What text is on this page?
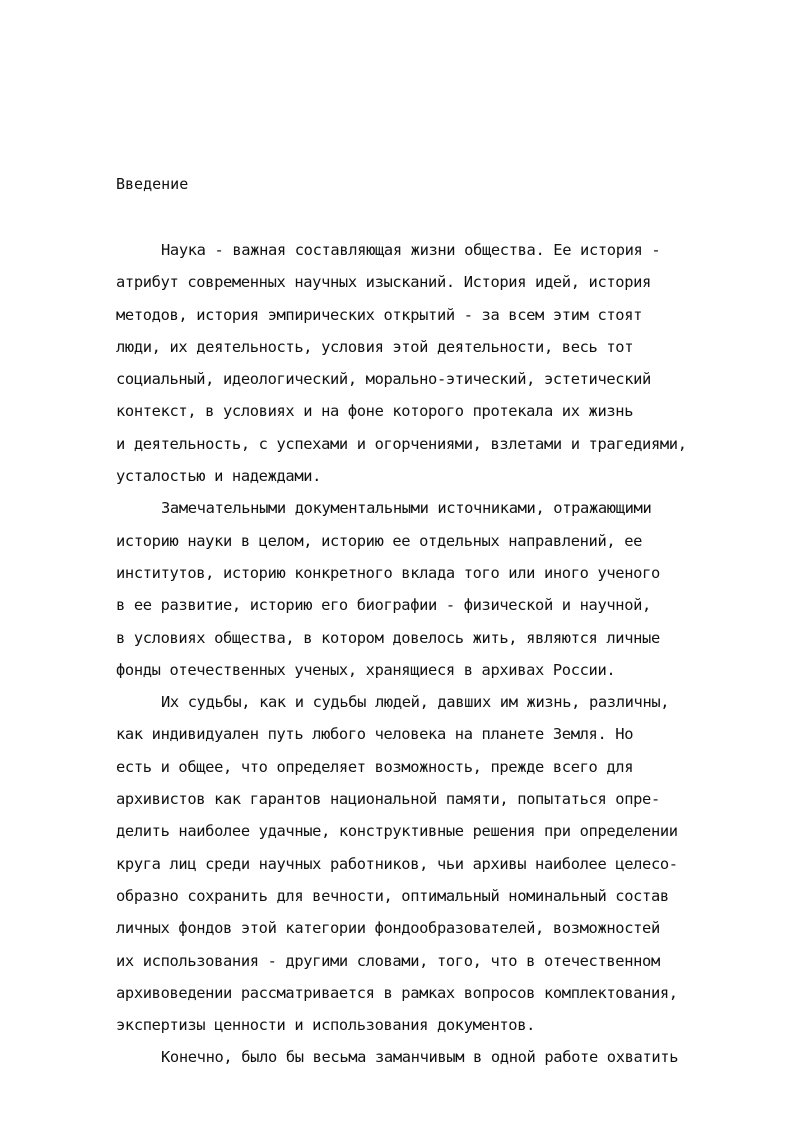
Введение
Наука - важная составляющая жизни общества. Ее история -
атрибут современных научных изысканий. История идей, история
методов, история эмпирических открытий - за всем этим стоят
люди, их деятельность, условия этой деятельности, весь тот
социальный, идеологический, морально-этический, эстетический
контекст, в условиях и на фоне которого протекала их жизнь
и деятельность, с успехами и огорчениями, взлетами и трагедиями,
усталостью и надеждами.
Замечательными документальными источниками, отражающими
историю науки в целом, историю ее отдельных направлений, ее
институтов, историю конкретного вклада того или иного ученого
в ее развитие, историю его биографии - физической и научной,
в условиях общества, в котором довелось жить, являются личные
фонды отечественных ученых, хранящиеся в архивах России.
Их судьбы, как и судьбы людей, давших им жизнь, различны,
как индивидуален путь любого человека на планете Земля. Но
есть и общее, что определяет возможность, прежде всего для
архивистов как гарантов национальной памяти, попытаться опре-
делить наиболее удачные, конструктивные решения при определении
круга лиц среди научных работников, чьи архивы наиболее целесо-
образно сохранить для вечности, оптимальный номинальный состав
личных фондов этой категории фондообразователей, возможностей
их использования - другими словами, того, что в отечественном
архивоведении рассматривается в рамках вопросов комплектования,
экспертизы ценности и использования документов.
Конечно, было бы весьма заманчивым в одной работе охватить
